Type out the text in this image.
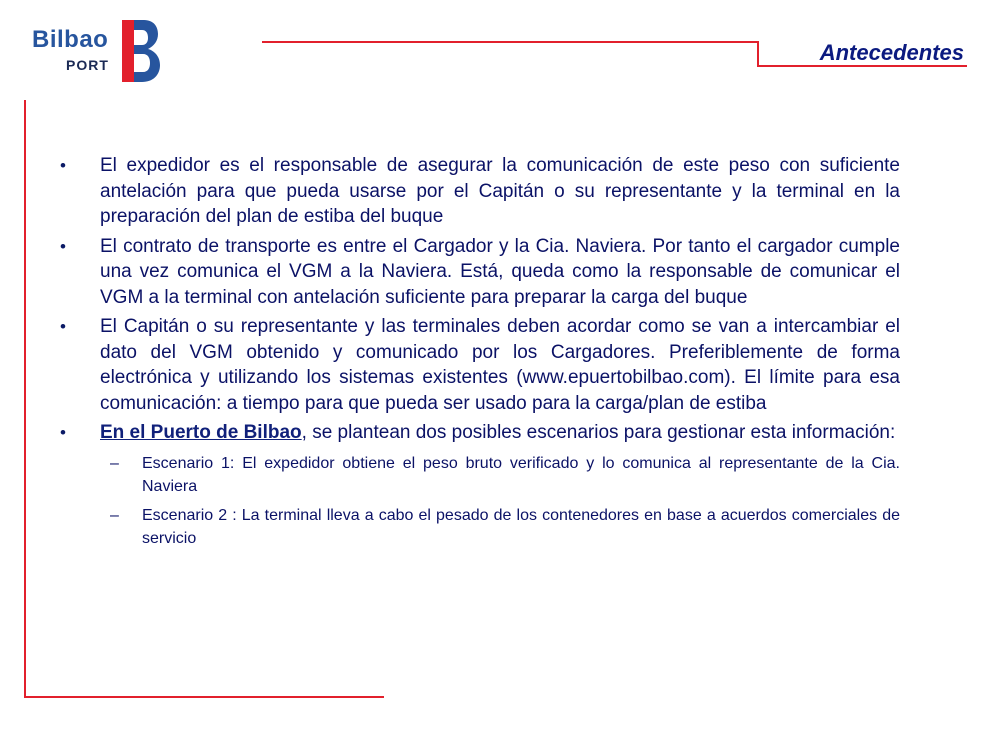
Bilbao
PORT	Antecedentes
•	El expedidor es el responsable de asegurar la comunicación de este peso con suficiente antelación para que pueda usarse por el Capitán o su representante y la terminal en la preparación del plan de estiba del buque
•	El contrato de transporte es entre el Cargador y la Cia. Naviera. Por tanto el cargador cumple una vez comunica el VGM a la Naviera. Está, queda como la responsable de comunicar el VGM a la terminal con antelación suficiente para preparar la carga del buque
•	El Capitán o su representante y las terminales deben acordar como se van a intercambiar el dato del VGM obtenido y comunicado por los Cargadores. Preferiblemente de forma electrónica y utilizando los sistemas existentes (www.epuertobilbao.com). El límite para esa comunicación: a tiempo para que pueda ser usado para la carga/plan de estiba
•	En el Puerto de Bilbao, se plantean dos posibles escenarios para gestionar esta información:
–	Escenario 1: El expedidor obtiene el peso bruto verificado y lo comunica al representante de la Cia. Naviera
–	Escenario 2 : La terminal lleva a cabo el pesado de los contenedores en base a acuerdos comerciales de servicio
